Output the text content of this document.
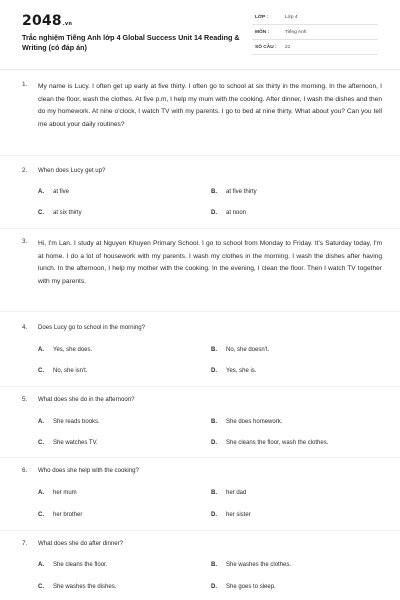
2048.vn
Trắc nghiệm Tiếng Anh lớp 4 Global Success Unit 14 Reading & Writing (có đáp án)
LỚP :	Lớp 4
MÔN :	Tiếng Anh
SỐ CÂU : 21
1. My name is Lucy. I often get up early at five thirty. I often go to school at six thirty in the morning. In the afternoon, I clean the floor, wash the clothes. At five p.m, I help my mum with the cooking. After dinner, I wash the dishes and then do my homework. At nine o'clock, I watch TV with my parents. I go to bed at nine thirty. What about you? Can you tell me about your daily routines?
2. When does Lucy get up?
A. at five	B. at five thirty
C. at six thirty	D. at noon
3. Hi, I'm Lan. I study at Nguyen Khuyen Primary School. I go to school from Monday to Friday. It's Saturday today, I'm at home. I do a lot of housework with my parents. I wash my clothes in the morning. I wash the dishes after having lunch. In the afternoon, I help my mother with the cooking. In the evening, I clean the floor. Then I watch TV together with my parents.
4. Does Lucy go to school in the morning?
A. Yes, she does.	B. No, she doesn't.
C. No, she isn't.	D. Yes, she is.
5. What does she do in the afternoon?
A. She reads books.	B. She does homework.
C. She watches TV.	D. She cleans the floor, wash the clothes.
6. Who does she help with the cooking?
A. her mum	B. her dad
C. her brother	D. her sister
7. What does she do after dinner?
A. She cleans the floor.	B. She washes the clothes.
C. She washes the dishes.	D. She goes to sleep.
